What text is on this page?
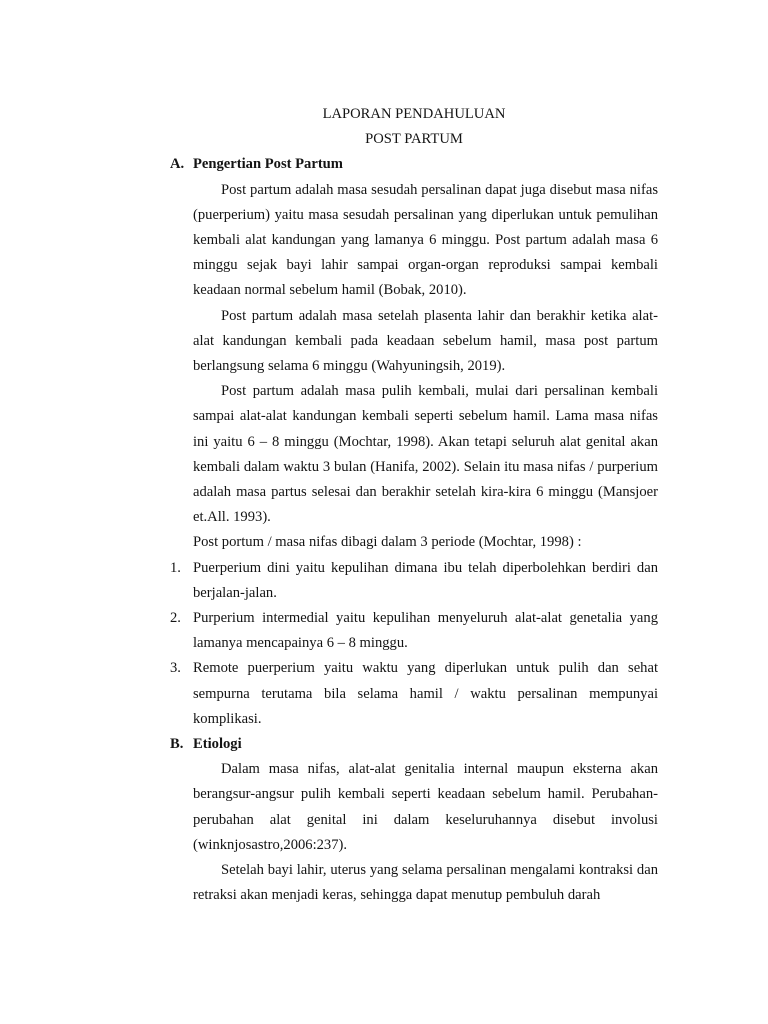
LAPORAN PENDAHULUAN

POST PARTUM

A. Pengertian Post Partum

Post partum adalah masa sesudah persalinan dapat juga disebut masa nifas (puerperium) yaitu masa sesudah persalinan yang diperlukan untuk pemulihan kembali alat kandungan yang lamanya 6 minggu. Post partum adalah masa 6 minggu sejak bayi lahir sampai organ-organ reproduksi sampai kembali keadaan normal sebelum hamil (Bobak, 2010).

Post partum adalah masa setelah plasenta lahir dan berakhir ketika alat-alat kandungan kembali pada keadaan sebelum hamil, masa post partum berlangsung selama 6 minggu (Wahyuningsih, 2019).

Post partum adalah masa pulih kembali, mulai dari persalinan kembali sampai alat-alat kandungan kembali seperti sebelum hamil. Lama masa nifas ini yaitu 6 – 8 minggu (Mochtar, 1998). Akan tetapi seluruh alat genital akan kembali dalam waktu 3 bulan (Hanifa, 2002). Selain itu masa nifas / purperium adalah masa partus selesai dan berakhir setelah kira-kira 6 minggu (Mansjoer et.All. 1993).

Post portum / masa nifas dibagi dalam 3 periode (Mochtar, 1998) :

1. Puerperium dini yaitu kepulihan dimana ibu telah diperbolehkan berdiri dan berjalan-jalan.
2. Purperium intermedial yaitu kepulihan menyeluruh alat-alat genetalia yang lamanya mencapainya 6 – 8 minggu.
3. Remote puerperium yaitu waktu yang diperlukan untuk pulih dan sehat sempurna terutama bila selama hamil / waktu persalinan mempunyai komplikasi.
B. Etiologi

Dalam masa nifas, alat-alat genitalia internal maupun eksterna akan berangsur-angsur pulih kembali seperti keadaan sebelum hamil. Perubahan-perubahan alat genital ini dalam keseluruhannya disebut involusi (winknjosastro,2006:237).

Setelah bayi lahir, uterus yang selama persalinan mengalami kontraksi dan retraksi akan menjadi keras, sehingga dapat menutup pembuluh darah
